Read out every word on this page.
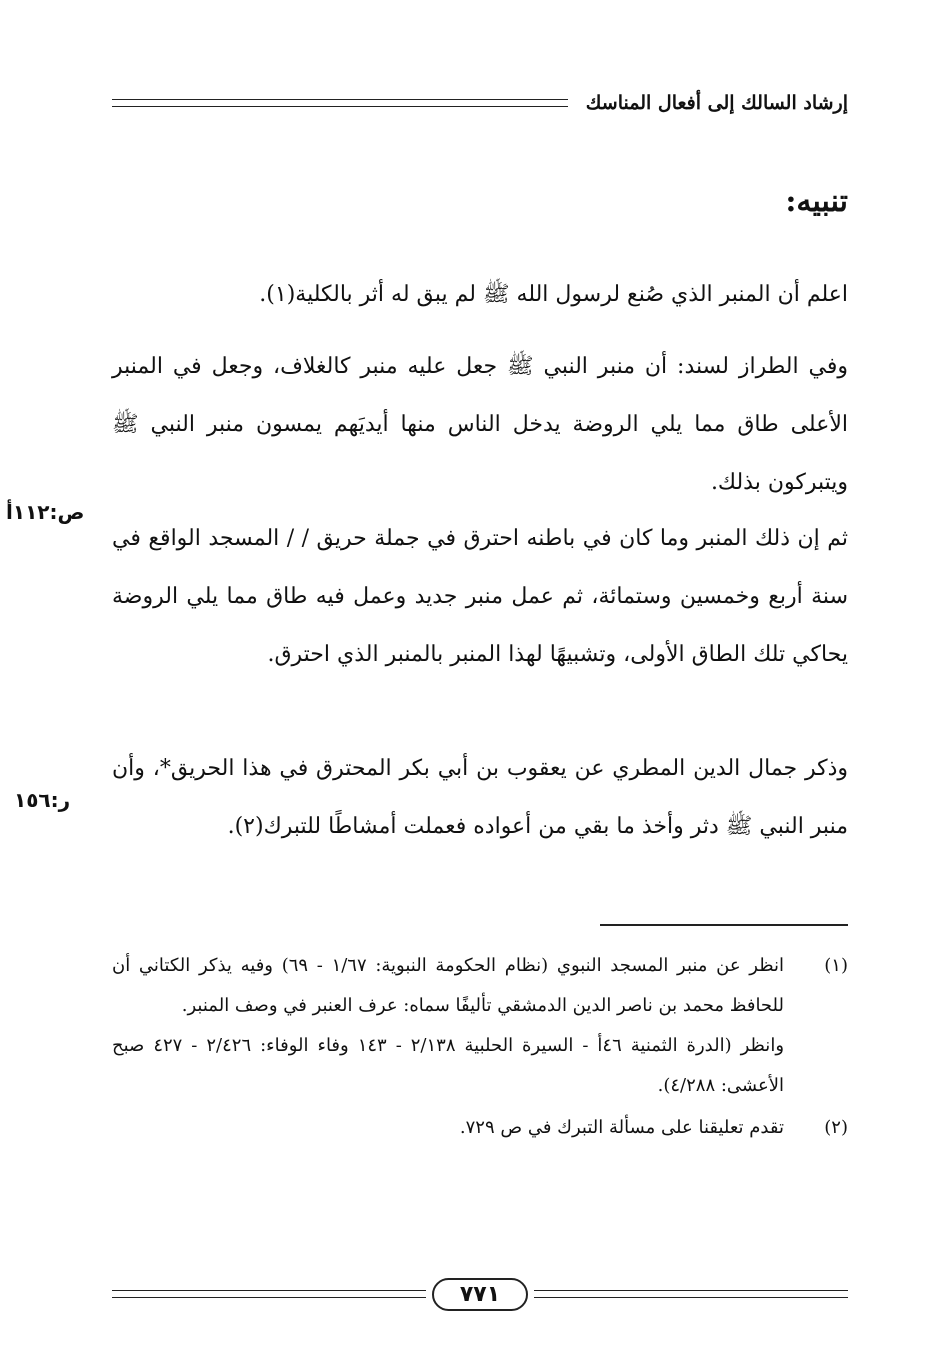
إرشاد السالك إلى أفعال المناسك
تنبيه:

اعلم أن المنبر الذي صُنع لرسول الله ﷺ لم يبق له أثر بالكلية(١).

وفي الطراز لسند: أن منبر النبي ﷺ جعل عليه منبر كالغلاف، وجعل في المنبر الأعلى طاق مما يلي الروضة يدخل الناس منها أيديَهم يمسون منبر النبي ﷺ ويتبركون بذلك.

ثم إن ذلك المنبر وما كان في باطنه احترق في جملة حريق / / المسجد الواقع في سنة أربع وخمسين وستمائة، ثم عمل منبر جديد وعمل فيه طاق مما يلي الروضة يحاكي تلك الطاق الأولى، وتشبيهًا لهذا المنبر بالمنبر الذي احترق.

وذكر جمال الدين المطري عن يعقوب بن أبي بكر المحترق في هذا الحريق*، وأن منبر النبي ﷺ دثر وأخذ ما بقي من أعواده فعملت أمشاطًا للتبرك(٢).

ص:١١٢أ
ر:١٥٦
(١)
انظر عن منبر المسجد النبوي (نظام الحكومة النبوية: ١/٦٧ - ٦٩) وفيه يذكر الكتاني أن للحافظ محمد بن ناصر الدين الدمشقي تأليفًا سماه: عرف العنبر في وصف المنبر.
وانظر (الدرة الثمنية ٤٦أ - السيرة الحلبية ٢/١٣٨ - ١٤٣ وفاء الوفاء: ٢/٤٢٦ - ٤٢٧ صبح الأعشى: ٤/٢٨٨).
(٢)
تقدم تعليقنا على مسألة التبرك في ص ٧٢٩.
٧٧١
